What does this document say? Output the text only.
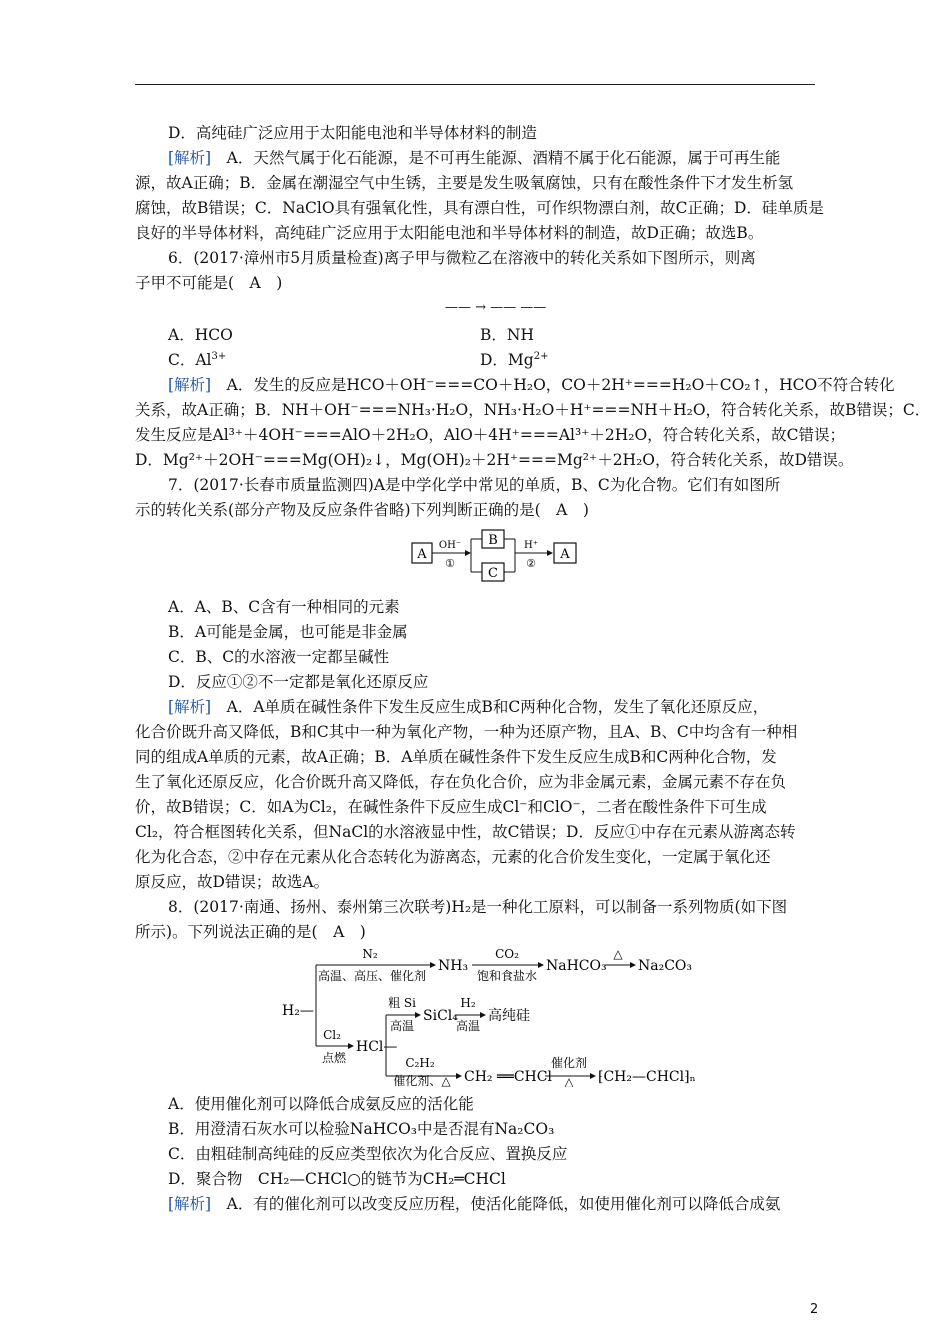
D．高纯硅广泛应用于太阳能电池和半导体材料的制造
[解析]　 A．天然气属于化石能源，是不可再生能源、酒精不属于化石能源，属于可再生能
源，故A正确；B．金属在潮湿空气中生锈，主要是发生吸氧腐蚀，只有在酸性条件下才发生析氢
腐蚀，故B错误；C．NaClO具有强氧化性，具有漂白性，可作织物漂白剂，故C正确；D．硅单质是
良好的半导体材料，高纯硅广泛应用于太阳能电池和半导体材料的制造，故D正确；故选B。
6．(2017·漳州市5月质量检查)离子甲与微粒乙在溶液中的转化关系如下图所示，则离
子甲不可能是(　A　)
—— → —— ——
A．HCO	B．NH
C．$Al^{3+}$	D．$Mg^{2+}$
[解析]　 A．发生的反应是HCO＋OH⁻===CO＋H₂O，CO＋2H⁺===H₂O＋CO₂↑，HCO不符合转化
关系，故A正确；B．NH＋OH⁻===NH₃·H₂O，NH₃·H₂O＋H⁺===NH＋H₂O，符合转化关系，故B错误；C．
发生反应是Al³⁺＋4OH⁻===AlO＋2H₂O，AlO＋4H⁺===Al³⁺＋2H₂O，符合转化关系，故C错误；
D．Mg²⁺＋2OH⁻===Mg(OH)₂↓，Mg(OH)₂＋2H⁺===Mg²⁺＋2H₂O，符合转化关系，故D错误。
7．(2017·长春市质量监测四)A是中学化学中常见的单质，B、C为化合物。它们有如图所
示的转化关系(部分产物及反应条件省略)下列判断正确的是(　A　)
A
OH⁻
①
B
C
H⁺
②
A
A．A、B、C含有一种相同的元素
B．A可能是金属，也可能是非金属
C．B、C的水溶液一定都呈碱性
D．反应①②不一定都是氧化还原反应
[解析]　 A．A单质在碱性条件下发生反应生成B和C两种化合物，发生了氧化还原反应，
化合价既升高又降低，B和C其中一种为氧化产物，一种为还原产物，且A、B、C中均含有一种相
同的组成A单质的元素，故A正确；B．A单质在碱性条件下发生反应生成B和C两种化合物，发
生了氧化还原反应，化合价既升高又降低，存在负化合价，应为非金属元素，金属元素不存在负
价，故B错误；C．如A为Cl₂，在碱性条件下反应生成Cl⁻和ClO⁻，二者在酸性条件下可生成
Cl₂，符合框图转化关系，但NaCl的水溶液显中性，故C错误；D．反应①中存在元素从游离态转
化为化合态，②中存在元素从化合态转化为游离态，元素的化合价发生变化，一定属于氧化还
原反应，故D错误；故选A。
8．(2017·南通、扬州、泰州第三次联考)H₂是一种化工原料，可以制备一系列物质(如下图
所示)。下列说法正确的是(　A　)
H₂—
N₂
高温、高压、催化剂
NH₃
CO₂
饱和食盐水
NaHCO₃
△
Na₂CO₃
Cl₂
点燃
HCl—
粗 Si
高温
SiCl₄
H₂
高温
高纯硅
C₂H₂
催化剂、△ CH₂ ══CHCl
催化剂
△ ⁅CH₂—CHCl⁆ₙ
A．使用催化剂可以降低合成氨反应的活化能
B．用澄清石灰水可以检验NaHCO₃中是否混有Na₂CO₃
C．由粗硅制高纯硅的反应类型依次为化合反应、置换反应
D．聚合物　CH₂—CHCl○的链节为CH₂═CHCl
[解析]　 A．有的催化剂可以改变反应历程，使活化能降低，如使用催化剂可以降低合成氨
2
